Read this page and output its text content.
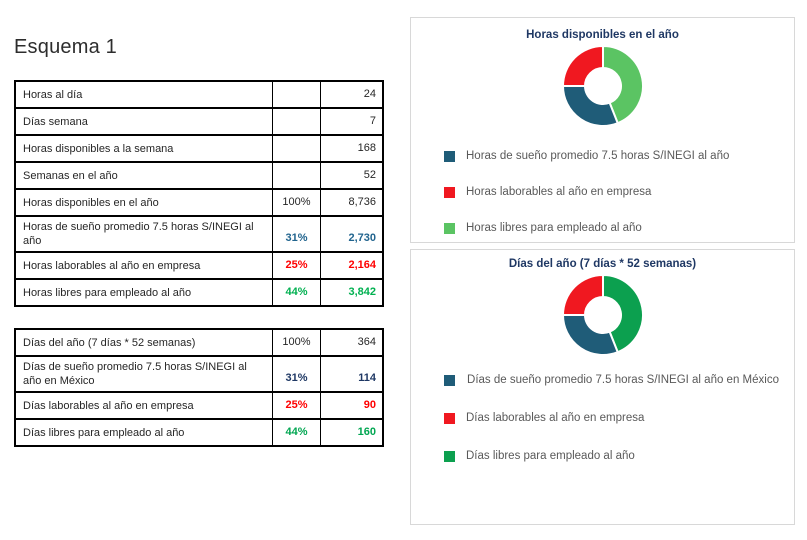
Esquema 1
Horas al día		24
Días semana		7
Horas disponibles a la semana		168
Semanas en el año		52
Horas disponibles en el año	100%	8,736
Horas de sueño promedio 7.5 horas S/INEGI al año	31%	2,730
Horas laborables al año en empresa	25%	2,164
Horas libres para empleado al año	44%	3,842
Días del año (7 días * 52 semanas)	100%	364
Días de sueño promedio 7.5 horas S/INEGI al año en México	31%	114
Días laborables al año en empresa	25%	90
Días libres para empleado al año	44%	160
Horas disponibles en el año
Horas de sueño promedio 7.5 horas S/INEGI al año
Horas laborables al año en empresa
Horas libres para empleado al año
Días del año (7 días * 52 semanas)
Días de sueño promedio 7.5 horas S/INEGI al año en México
Días laborables al año en empresa
Días libres para empleado al año
